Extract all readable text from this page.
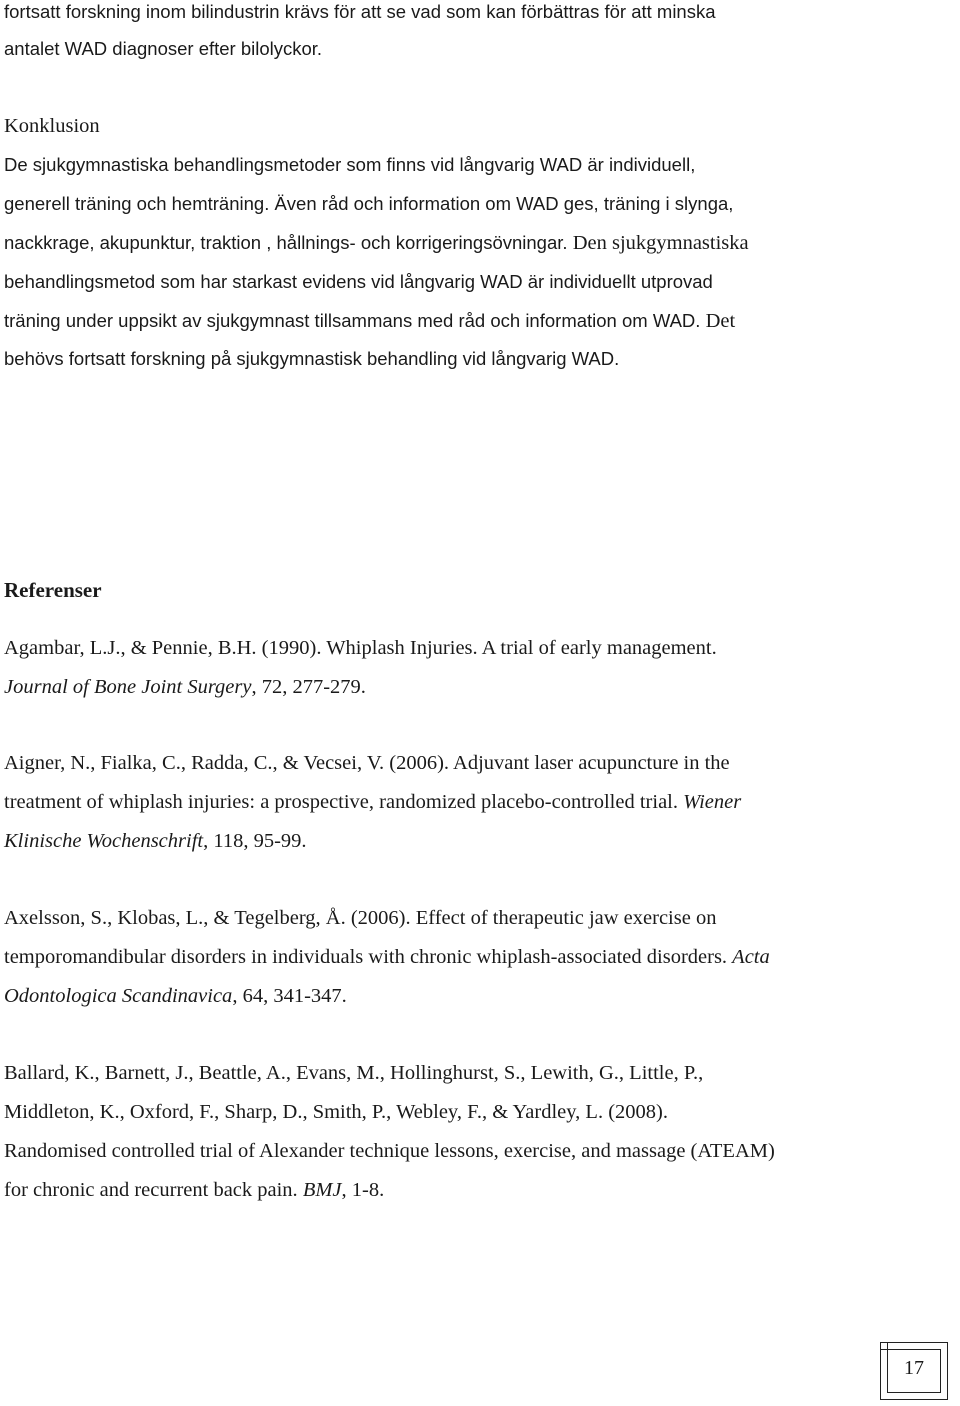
fortsatt forskning inom bilindustrin krävs för att se vad som kan förbättras för att minska
antalet WAD diagnoser efter bilolyckor.
Konklusion
De sjukgymnastiska behandlingsmetoder som finns vid långvarig WAD är individuell,
generell träning och hemträning. Även råd och information om WAD ges, träning i slynga,
nackkrage, akupunktur, traktion , hållnings- och korrigeringsövningar. Den sjukgymnastiska
behandlingsmetod som har starkast evidens vid långvarig WAD är individuellt utprovad
träning under uppsikt av sjukgymnast tillsammans med råd och information om WAD. Det
behövs fortsatt forskning på sjukgymnastisk behandling vid långvarig WAD.
Referenser
Agambar, L.J., & Pennie, B.H. (1990). Whiplash Injuries. A trial of early management.
Journal of Bone Joint Surgery, 72, 277-279.
Aigner, N., Fialka, C., Radda, C., & Vecsei, V. (2006). Adjuvant laser acupuncture in the
treatment of whiplash injuries: a prospective, randomized placebo-controlled trial. Wiener
Klinische Wochenschrift, 118, 95-99.
Axelsson, S., Klobas, L., & Tegelberg, Å. (2006). Effect of therapeutic jaw exercise on
temporomandibular disorders in individuals with chronic whiplash-associated disorders. Acta
Odontologica Scandinavica, 64, 341-347.
Ballard, K., Barnett, J., Beattle, A., Evans, M., Hollinghurst, S., Lewith, G., Little, P.,
Middleton, K., Oxford, F., Sharp, D., Smith, P., Webley, F., & Yardley, L. (2008).
Randomised controlled trial of Alexander technique lessons, exercise, and massage (ATEAM)
for chronic and recurrent back pain. BMJ, 1-8.
17
